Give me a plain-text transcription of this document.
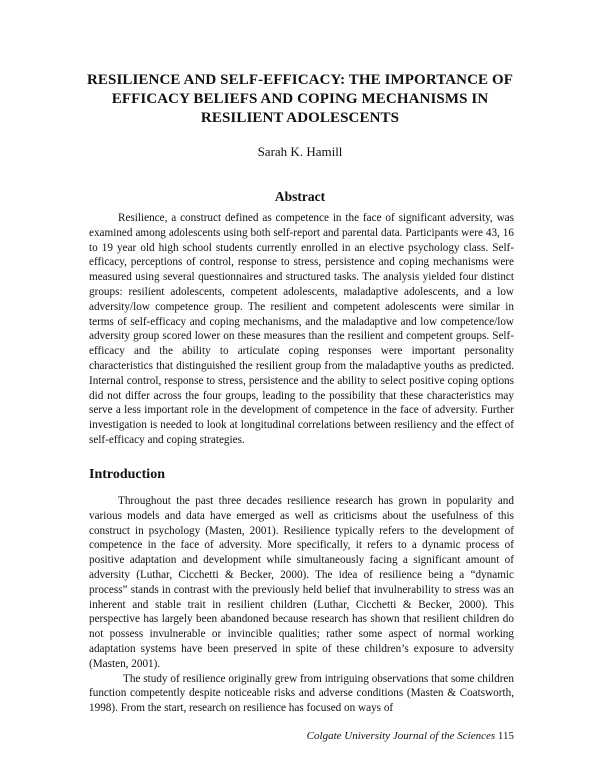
RESILIENCE AND SELF-EFFICACY: THE IMPORTANCE OF EFFICACY BELIEFS AND COPING MECHANISMS IN RESILIENT ADOLESCENTS
Sarah K. Hamill
Abstract

Resilience, a construct defined as competence in the face of significant adversity, was examined among adolescents using both self-report and parental data. Participants were 43, 16 to 19 year old high school students currently enrolled in an elective psychology class. Self-efficacy, perceptions of control, response to stress, persistence and coping mechanisms were measured using several questionnaires and structured tasks. The analysis yielded four distinct groups: resilient adolescents, competent adolescents, maladaptive adolescents, and a low adversity/low competence group. The resilient and competent adolescents were similar in terms of self-efficacy and coping mechanisms, and the maladaptive and low competence/low adversity group scored lower on these measures than the resilient and competent groups. Self-efficacy and the ability to articulate coping responses were important personality characteristics that distinguished the resilient group from the maladaptive youths as predicted. Internal control, response to stress, persistence and the ability to select positive coping options did not differ across the four groups, leading to the possibility that these characteristics may serve a less important role in the development of competence in the face of adversity. Further investigation is needed to look at longitudinal correlations between resiliency and the effect of self-efficacy and coping strategies.

Introduction

Throughout the past three decades resilience research has grown in popularity and various models and data have emerged as well as criticisms about the usefulness of this construct in psychology (Masten, 2001). Resilience typically refers to the development of competence in the face of adversity. More specifically, it refers to a dynamic process of positive adaptation and development while simultaneously facing a significant amount of adversity (Luthar, Cicchetti & Becker, 2000). The idea of resilience being a “dynamic process” stands in contrast with the previously held belief that invulnerability to stress was an inherent and stable trait in resilient children (Luthar, Cicchetti & Becker, 2000). This perspective has largely been abandoned because research has shown that resilient children do not possess invulnerable or invincible qualities; rather some aspect of normal working adaptation systems have been preserved in spite of these children’s exposure to adversity (Masten, 2001).

The study of resilience originally grew from intriguing observations that some children function competently despite noticeable risks and adverse conditions (Masten & Coatsworth, 1998). From the start, research on resilience has focused on ways of

Colgate University Journal of the Sciences 115
